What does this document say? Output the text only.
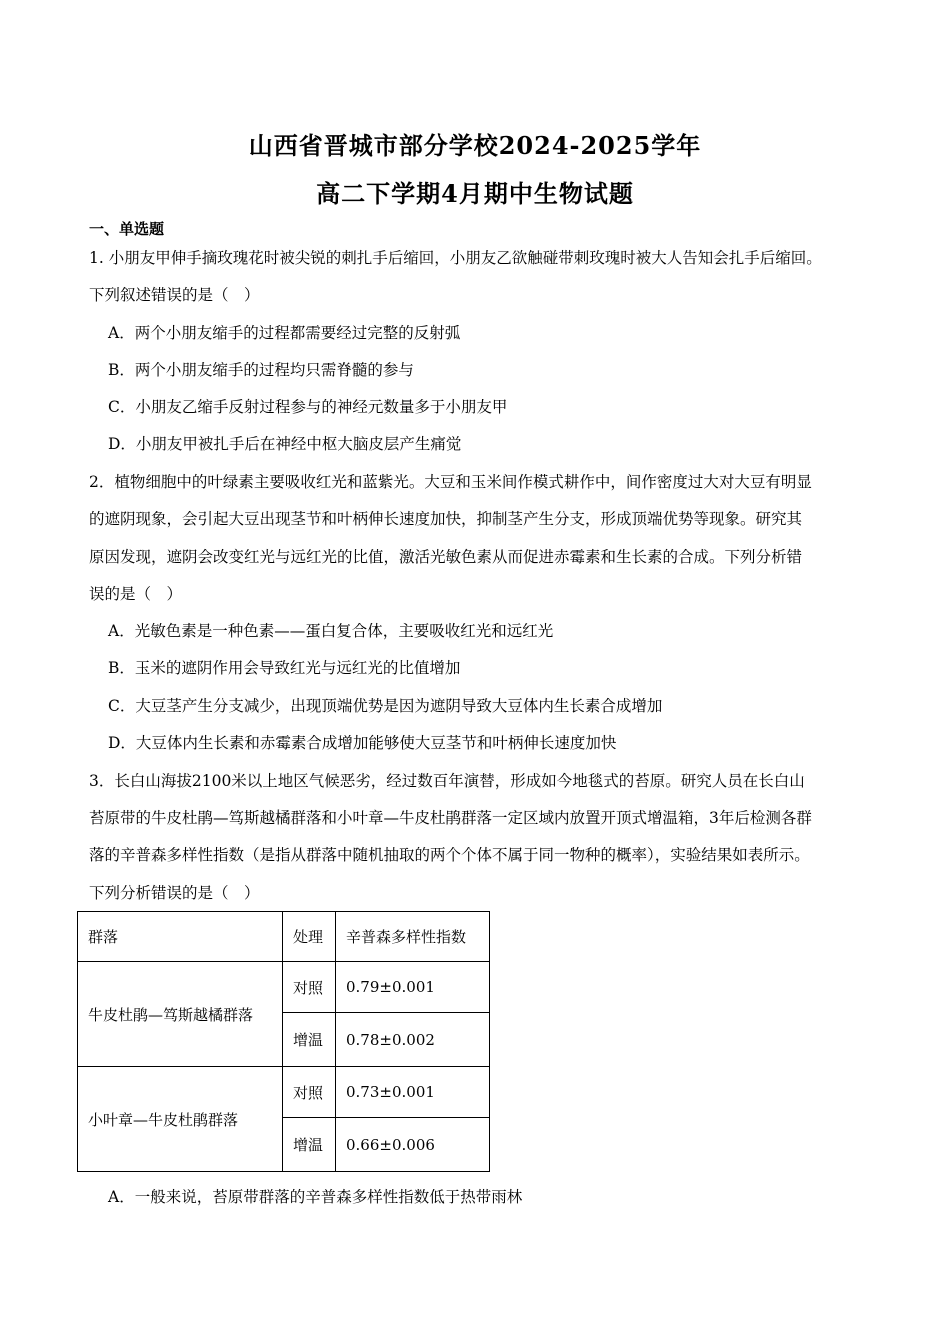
山西省晋城市部分学校2024-2025学年
高二下学期4月期中生物试题
一、单选题
1. 小朋友甲伸手摘玫瑰花时被尖锐的刺扎手后缩回，小朋友乙欲触碰带刺玫瑰时被大人告知会扎手后缩回。
下列叙述错误的是（　）
A．两个小朋友缩手的过程都需要经过完整的反射弧
B．两个小朋友缩手的过程均只需脊髓的参与
C．小朋友乙缩手反射过程参与的神经元数量多于小朋友甲
D．小朋友甲被扎手后在神经中枢大脑皮层产生痛觉
2．植物细胞中的叶绿素主要吸收红光和蓝紫光。大豆和玉米间作模式耕作中，间作密度过大对大豆有明显
的遮阴现象，会引起大豆出现茎节和叶柄伸长速度加快，抑制茎产生分支，形成顶端优势等现象。研究其
原因发现，遮阴会改变红光与远红光的比值，激活光敏色素从而促进赤霉素和生长素的合成。下列分析错
误的是（　）
A．光敏色素是一种色素——蛋白复合体，主要吸收红光和远红光
B．玉米的遮阴作用会导致红光与远红光的比值增加
C．大豆茎产生分支减少，出现顶端优势是因为遮阴导致大豆体内生长素合成增加
D．大豆体内生长素和赤霉素合成增加能够使大豆茎节和叶柄伸长速度加快
3．长白山海拔2100米以上地区气候恶劣，经过数百年演替，形成如今地毯式的苔原。研究人员在长白山
苔原带的牛皮杜鹃—笃斯越橘群落和小叶章—牛皮杜鹃群落一定区域内放置开顶式增温箱，3年后检测各群
落的辛普森多样性指数（是指从群落中随机抽取的两个个体不属于同一物种的概率），实验结果如表所示。
下列分析错误的是（　）
群落	处理	辛普森多样性指数
牛皮杜鹃—笃斯越橘群落	对照	0.79±0.001
	增温	0.78±0.002
小叶章—牛皮杜鹃群落	对照	0.73±0.001
	增温	0.66±0.006
A．一般来说，苔原带群落的辛普森多样性指数低于热带雨林
